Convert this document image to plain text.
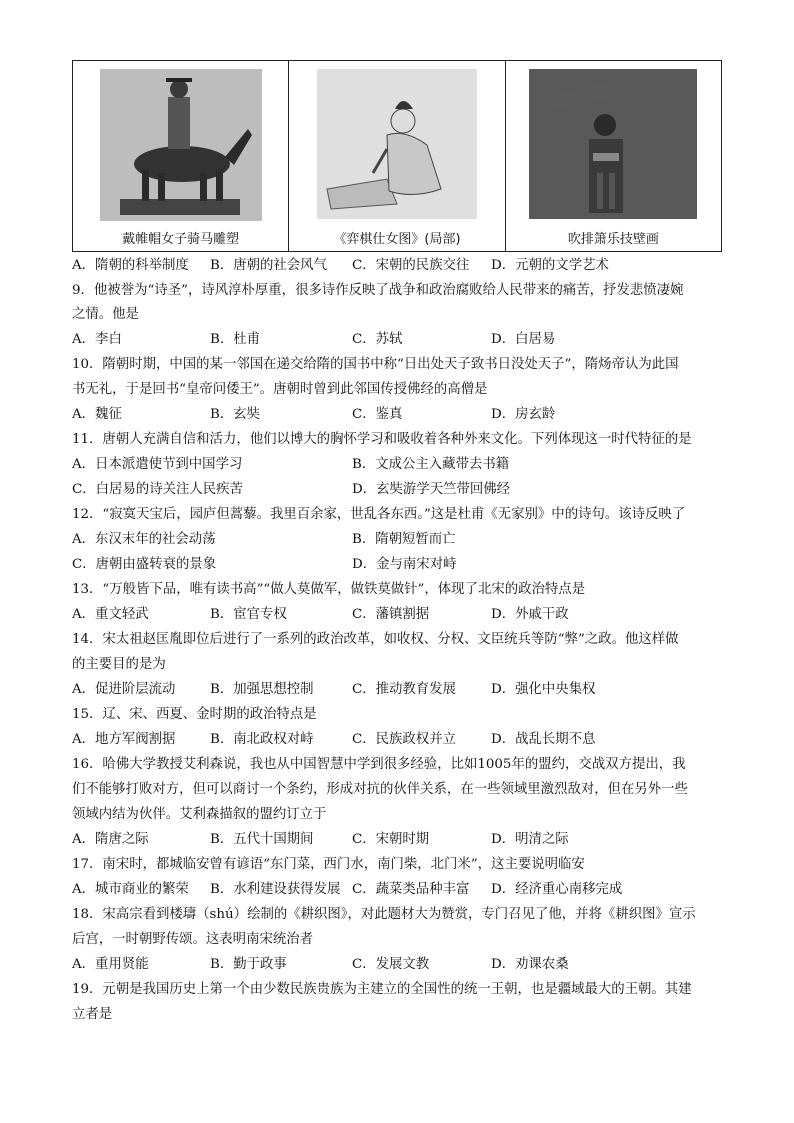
戴帷帽女子骑马雕塑	《弈棋仕女图》(局部)	吹排箫乐技壁画
A．隋朝的科举制度 B．唐朝的社会风气 C．宋朝的民族交往 D．元朝的文学艺术
9．他被誉为“诗圣”，诗风淳朴厚重，很多诗作反映了战争和政治腐败给人民带来的痛苦，抒发悲愤凄婉
之情。他是
A．李白	B．杜甫	C．苏轼	D．白居易
10．隋朝时期，中国的某一邻国在递交给隋的国书中称“日出处天子致书日没处天子”，隋炀帝认为此国
书无礼，于是回书“皇帝问倭王”。唐朝时曾到此邻国传授佛经的高僧是
A．魏征	B．玄奘	C．鉴真	D．房玄龄
11．唐朝人充满自信和活力，他们以博大的胸怀学习和吸收着各种外来文化。下列体现这一时代特征的是
A．日本派遣使节到中国学习	B．文成公主入藏带去书籍
C．白居易的诗关注人民疾苦	D．玄奘游学天竺带回佛经
12．“寂寞天宝后，园庐但蒿藜。我里百余家，世乱各东西。”这是杜甫《无家别》中的诗句。该诗反映了
A．东汉末年的社会动荡	B．隋朝短暂而亡
C．唐朝由盛转衰的景象	D．金与南宋对峙
13．“万般皆下品，唯有读书高”“做人莫做军，做铁莫做针”，体现了北宋的政治特点是
A．重文轻武	B．宦官专权	C．藩镇割据	D．外戚干政
14．宋太祖赵匡胤即位后进行了一系列的政治改革，如收权、分权、文臣统兵等防“弊”之政。他这样做
的主要目的是为
A．促进阶层流动	B．加强思想控制	C．推动教育发展	D．强化中央集权
15．辽、宋、西夏、金时期的政治特点是
A．地方军阀割据	B．南北政权对峙	C．民族政权并立	D．战乱长期不息
16．哈佛大学教授艾利森说，我也从中国智慧中学到很多经验，比如1005年的盟约，交战双方提出，我
们不能够打败对方，但可以商讨一个条约，形成对抗的伙伴关系，在一些领域里激烈敌对，但在另外一些
领域内结为伙伴。艾利森描叙的盟约订立于
A．隋唐之际	B．五代十国期间	C．宋朝时期	D．明清之际
17．南宋时，都城临安曾有谚语“东门菜，西门水，南门柴，北门米”，这主要说明临安
A．城市商业的繁荣 B．水利建设获得发展 C．蔬菜类品种丰富 D．经济重心南移完成
18．宋高宗看到楼璹（shú）绘制的《耕织图》，对此题材大为赞赏，专门召见了他，并将《耕织图》宣示
后宫，一时朝野传颂。这表明南宋统治者
A．重用贤能	B．勤于政事	C．发展文教	D．劝课农桑
19．元朝是我国历史上第一个由少数民族贵族为主建立的全国性的统一王朝，也是疆域最大的王朝。其建
立者是
